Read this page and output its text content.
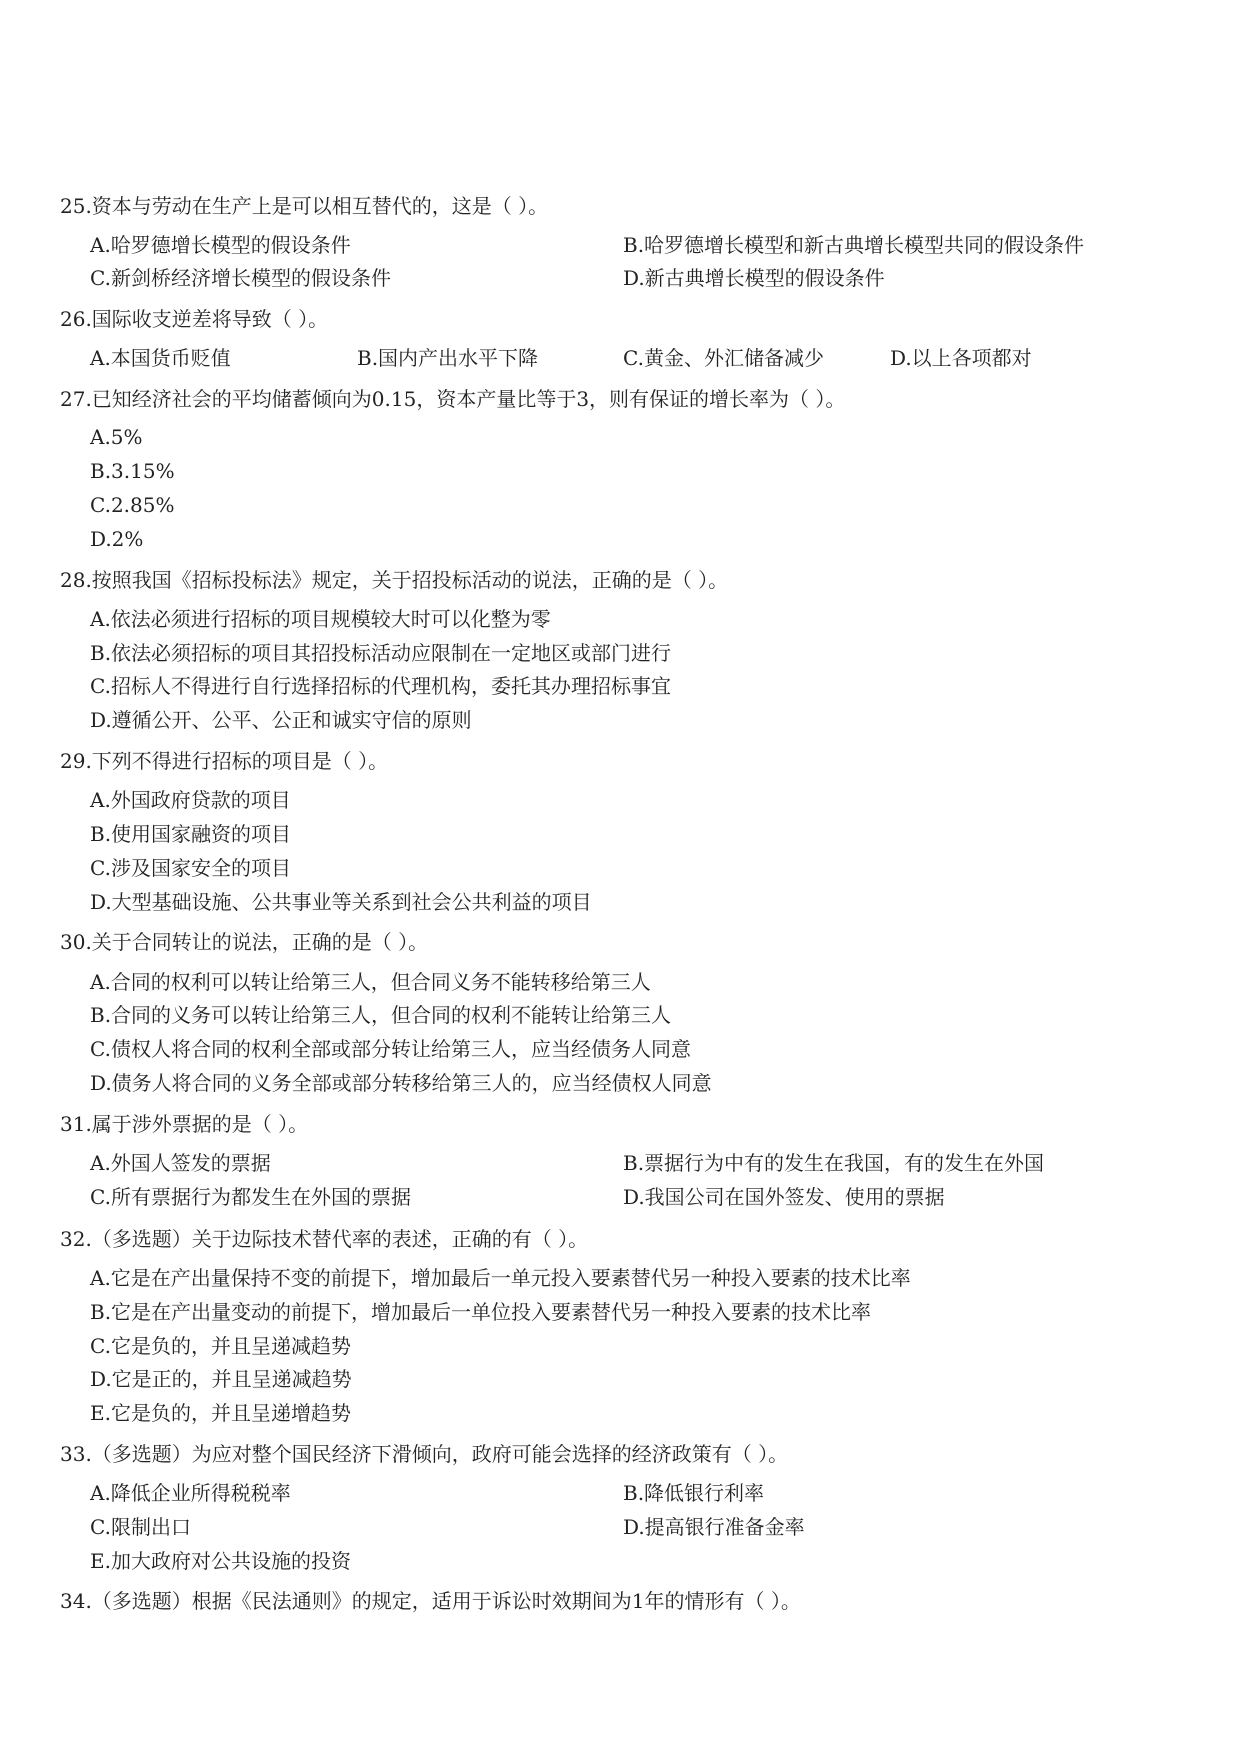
25.资本与劳动在生产上是可以相互替代的，这是（ ）。
A.哈罗德增长模型的假设条件	B.哈罗德增长模型和新古典增长模型共同的假设条件
C.新剑桥经济增长模型的假设条件	D.新古典增长模型的假设条件
26.国际收支逆差将导致（ ）。
A.本国货币贬值	B.国内产出水平下降	C.黄金、外汇储备减少	D.以上各项都对
27.已知经济社会的平均储蓄倾向为0.15，资本产量比等于3，则有保证的增长率为（ ）。
A.5%
B.3.15%
C.2.85%
D.2%
28.按照我国《招标投标法》规定，关于招投标活动的说法，正确的是（ ）。
A.依法必须进行招标的项目规模较大时可以化整为零
B.依法必须招标的项目其招投标活动应限制在一定地区或部门进行
C.招标人不得进行自行选择招标的代理机构，委托其办理招标事宜
D.遵循公开、公平、公正和诚实守信的原则
29.下列不得进行招标的项目是（ ）。
A.外国政府贷款的项目
B.使用国家融资的项目
C.涉及国家安全的项目
D.大型基础设施、公共事业等关系到社会公共利益的项目
30.关于合同转让的说法，正确的是（ ）。
A.合同的权利可以转让给第三人，但合同义务不能转移给第三人
B.合同的义务可以转让给第三人，但合同的权利不能转让给第三人
C.债权人将合同的权利全部或部分转让给第三人，应当经债务人同意
D.债务人将合同的义务全部或部分转移给第三人的，应当经债权人同意
31.属于涉外票据的是（ ）。
A.外国人签发的票据	B.票据行为中有的发生在我国，有的发生在外国
C.所有票据行为都发生在外国的票据	D.我国公司在国外签发、使用的票据
32.（多选题）关于边际技术替代率的表述，正确的有（ ）。
A.它是在产出量保持不变的前提下，增加最后一单元投入要素替代另一种投入要素的技术比率
B.它是在产出量变动的前提下，增加最后一单位投入要素替代另一种投入要素的技术比率
C.它是负的，并且呈递减趋势
D.它是正的，并且呈递减趋势
E.它是负的，并且呈递增趋势
33.（多选题）为应对整个国民经济下滑倾向，政府可能会选择的经济政策有（ ）。
A.降低企业所得税税率	B.降低银行利率
C.限制出口	D.提高银行准备金率
E.加大政府对公共设施的投资
34.（多选题）根据《民法通则》的规定，适用于诉讼时效期间为1年的情形有（ ）。
